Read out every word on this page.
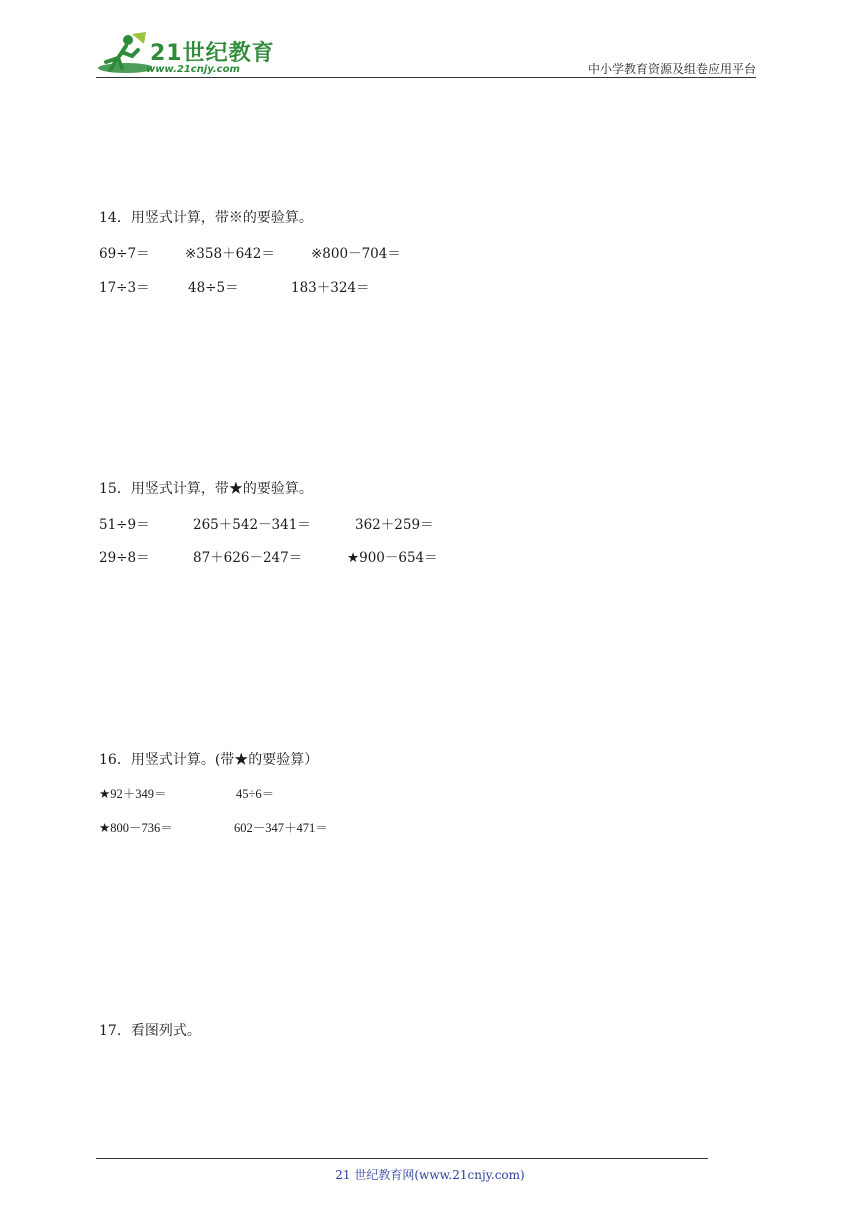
21世纪教育
www.21cnjy.com	中小学教育资源及组卷应用平台
14．用竖式计算，带※的要验算。
69÷7＝	※358＋642＝	※800－704＝
17÷3＝	48÷5＝	183＋324＝
15．用竖式计算，带★的要验算。
51÷9＝	265＋542－341＝	362＋259＝
29÷8＝	87＋626－247＝	★900－654＝
16．用竖式计算。(带★的要验算）
★92＋349＝	45÷6＝
★800－736＝	602－347＋471＝
17．看图列式。
21 世纪教育网(www.21cnjy.com)
